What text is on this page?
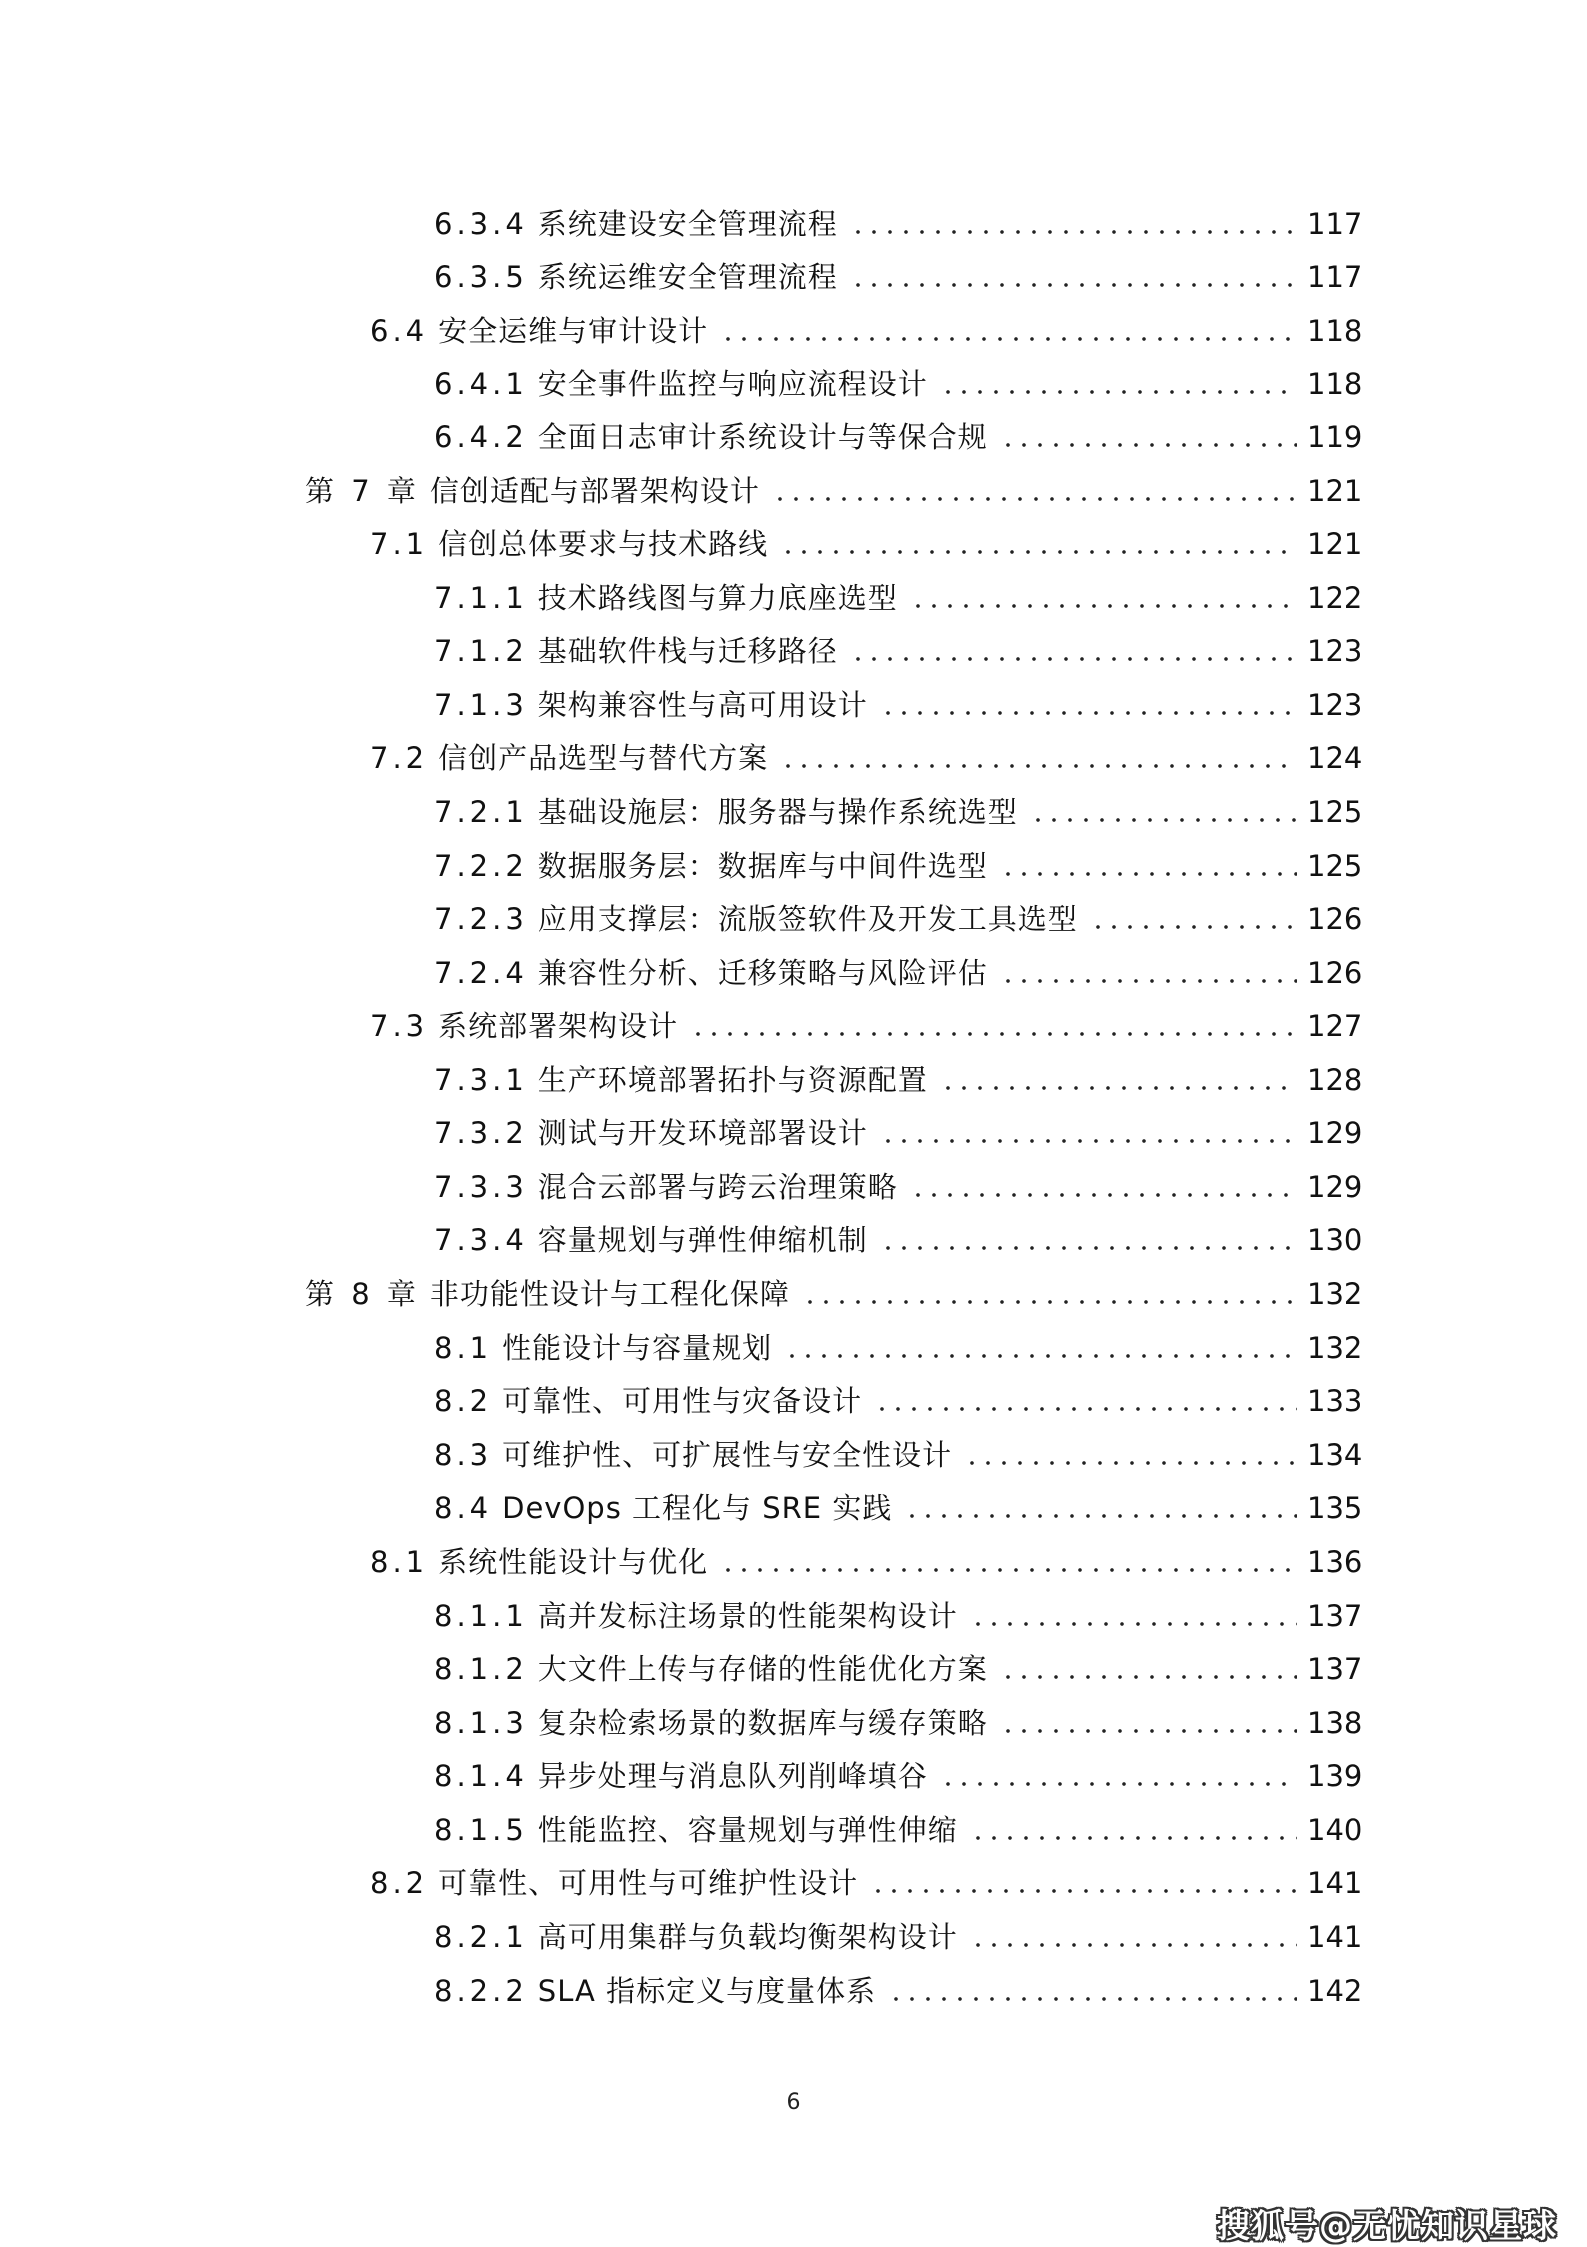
6.3.4 系统建设安全管理流程	117
6.3.5 系统运维安全管理流程	117
6.4 安全运维与审计设计	118
6.4.1 安全事件监控与响应流程设计	118
6.4.2 全面日志审计系统设计与等保合规	119
第 7 章 信创适配与部署架构设计	121
7.1 信创总体要求与技术路线	121
7.1.1 技术路线图与算力底座选型	122
7.1.2 基础软件栈与迁移路径	123
7.1.3 架构兼容性与高可用设计	123
7.2 信创产品选型与替代方案	124
7.2.1 基础设施层：服务器与操作系统选型	125
7.2.2 数据服务层：数据库与中间件选型	125
7.2.3 应用支撑层：流版签软件及开发工具选型	126
7.2.4 兼容性分析、迁移策略与风险评估	126
7.3 系统部署架构设计	127
7.3.1 生产环境部署拓扑与资源配置	128
7.3.2 测试与开发环境部署设计	129
7.3.3 混合云部署与跨云治理策略	129
7.3.4 容量规划与弹性伸缩机制	130
第 8 章 非功能性设计与工程化保障	132
8.1 性能设计与容量规划	132
8.2 可靠性、可用性与灾备设计	133
8.3 可维护性、可扩展性与安全性设计	134
8.4 DevOps 工程化与 SRE 实践	135
8.1 系统性能设计与优化	136
8.1.1 高并发标注场景的性能架构设计	137
8.1.2 大文件上传与存储的性能优化方案	137
8.1.3 复杂检索场景的数据库与缓存策略	138
8.1.4 异步处理与消息队列削峰填谷	139
8.1.5 性能监控、容量规划与弹性伸缩	140
8.2 可靠性、可用性与可维护性设计	141
8.2.1 高可用集群与负载均衡架构设计	141
8.2.2 SLA 指标定义与度量体系	142
6
搜狐号@无忧知识星球
